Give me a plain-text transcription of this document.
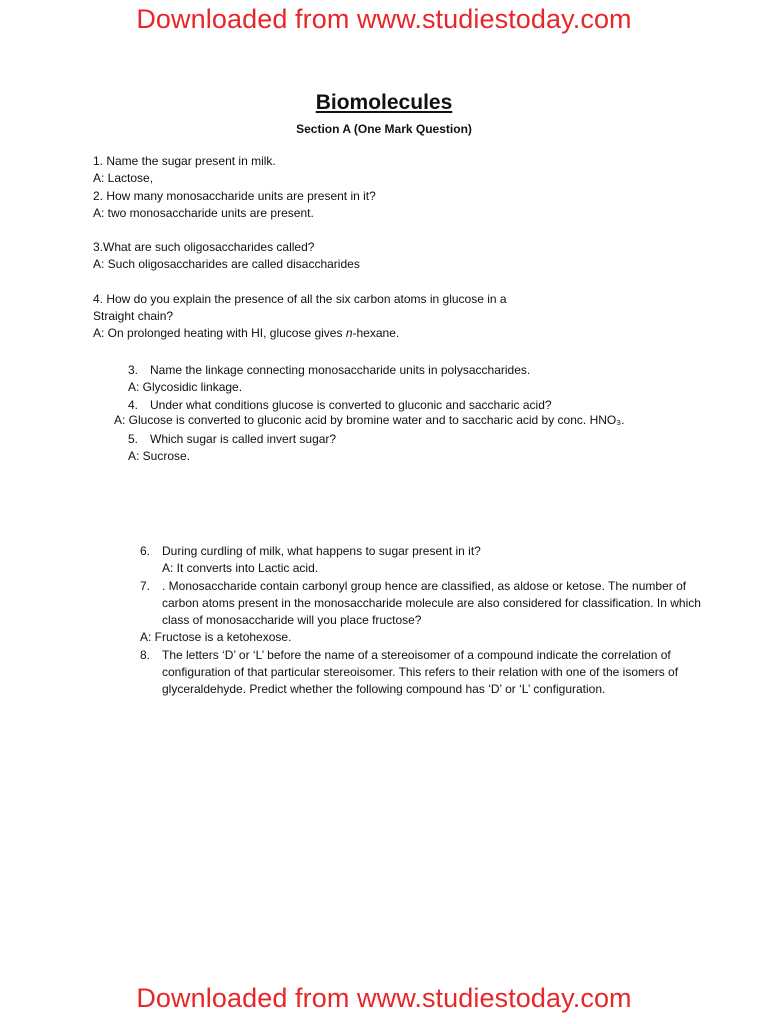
Downloaded from www.studiestoday.com
Biomolecules
Section A (One Mark Question)
1. Name the sugar present in milk.
A: Lactose,
2. How many monosaccharide units are present in it?
A: two monosaccharide units are present.
3.What are such oligosaccharides called?
A: Such oligosaccharides are called disaccharides
4. How do you explain the presence of all the six carbon atoms in glucose in a
Straight chain?
A: On prolonged heating with HI, glucose gives n-hexane.
3. Name the linkage connecting monosaccharide units in polysaccharides.
A: Glycosidic linkage.
4. Under what conditions glucose is converted to gluconic and saccharic acid?
5. Which sugar is called invert sugar?
A: Sucrose.
A: Glucose is converted to gluconic acid by bromine water and to saccharic acid by conc. HNO₃.
6. During curdling of milk, what happens to sugar present in it?
A: It converts into Lactic acid.
7. . Monosaccharide contain carbonyl group hence are classified, as aldose or ketose. The number of carbon atoms present in the monosaccharide molecule are also considered for classification. In which class of monosaccharide will you place fructose?
A: Fructose is a ketohexose.
8. The letters ‘D’ or ‘L’ before the name of a stereoisomer of a compound indicate the correlation of configuration of that particular stereoisomer. This refers to their relation with one of the isomers of glyceraldehyde. Predict whether the following compound has ‘D’ or ‘L’ configuration.
Downloaded from www.studiestoday.com
